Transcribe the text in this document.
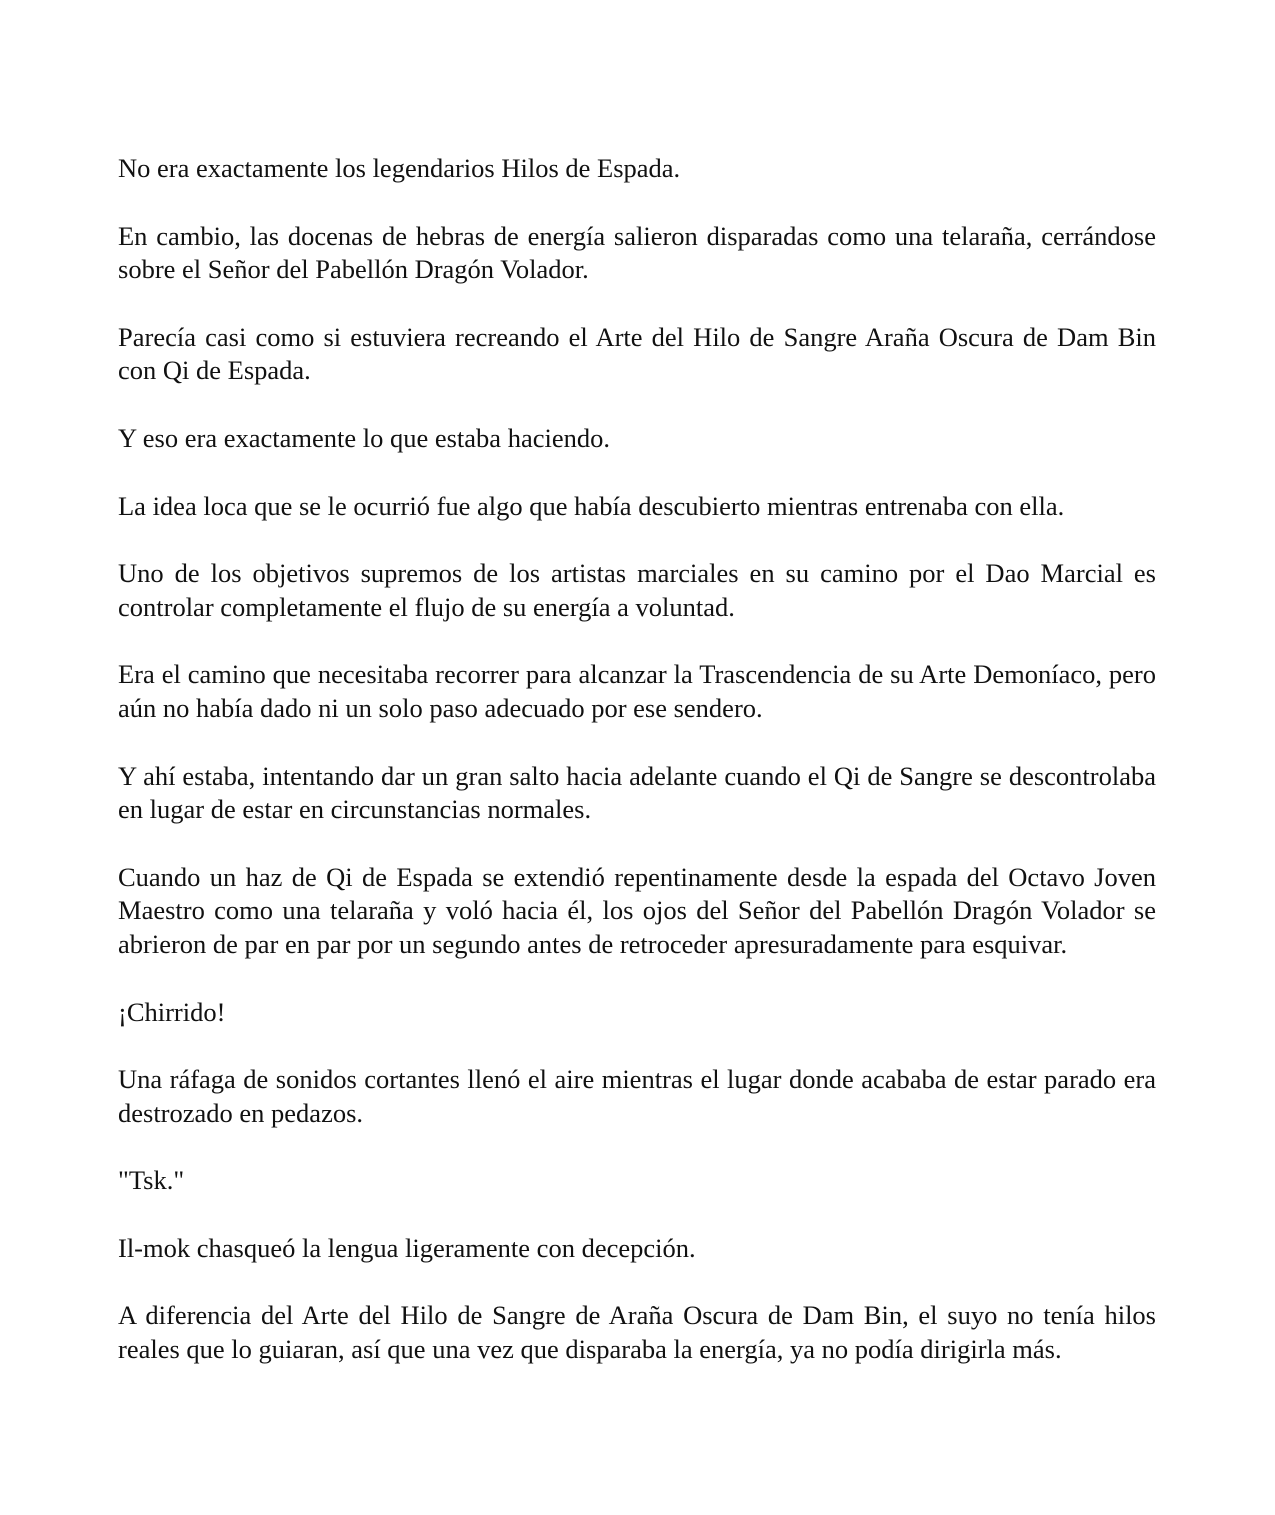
No era exactamente los legendarios Hilos de Espada.

En cambio, las docenas de hebras de energía salieron disparadas como una telaraña, cerrándose sobre el Señor del Pabellón Dragón Volador.

Parecía casi como si estuviera recreando el Arte del Hilo de Sangre Araña Oscura de Dam Bin con Qi de Espada.

Y eso era exactamente lo que estaba haciendo.

La idea loca que se le ocurrió fue algo que había descubierto mientras entrenaba con ella.

Uno de los objetivos supremos de los artistas marciales en su camino por el Dao Marcial es controlar completamente el flujo de su energía a voluntad.

Era el camino que necesitaba recorrer para alcanzar la Trascendencia de su Arte Demoníaco, pero aún no había dado ni un solo paso adecuado por ese sendero.

Y ahí estaba, intentando dar un gran salto hacia adelante cuando el Qi de Sangre se descontrolaba en lugar de estar en circunstancias normales.

Cuando un haz de Qi de Espada se extendió repentinamente desde la espada del Octavo Joven Maestro como una telaraña y voló hacia él, los ojos del Señor del Pabellón Dragón Volador se abrieron de par en par por un segundo antes de retroceder apresuradamente para esquivar.

¡Chirrido!

Una ráfaga de sonidos cortantes llenó el aire mientras el lugar donde acababa de estar parado era destrozado en pedazos.

"Tsk."

Il-mok chasqueó la lengua ligeramente con decepción.

A diferencia del Arte del Hilo de Sangre de Araña Oscura de Dam Bin, el suyo no tenía hilos reales que lo guiaran, así que una vez que disparaba la energía, ya no podía dirigirla más.
